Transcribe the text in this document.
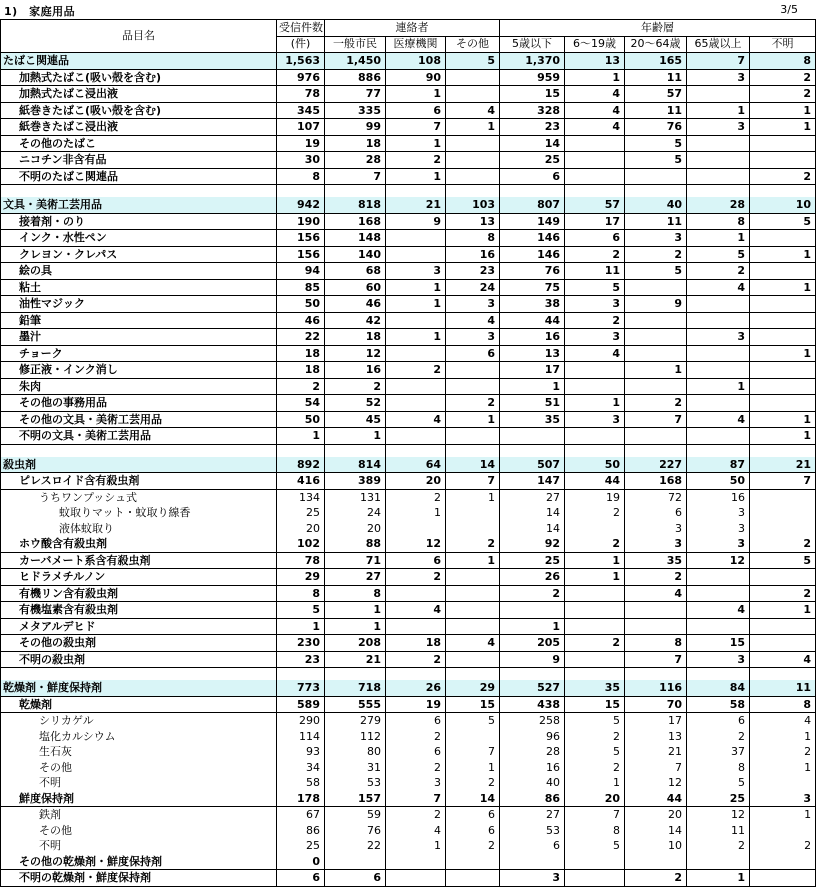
1)　家庭用品	3/5
品目名	受信件数	連絡者			年齢層				
	(件)	一般市民	医療機関	その他	5歳以下	6～19歳	20～64歳	65歳以上	不明
たばこ関連品	1,563	1,450	108	5	1,370	13	165	7	8
加熱式たばこ(吸い殻を含む)	976	886	90		959	1	11	3	2
加熱式たばこ浸出液	78	77	1		15	4	57		2
紙巻きたばこ(吸い殻を含む)	345	335	6	4	328	4	11	1	1
紙巻きたばこ浸出液	107	99	7	1	23	4	76	3	1
その他のたばこ	19	18	1		14		5		
ニコチン非含有品	30	28	2		25		5		
不明のたばこ関連品	8	7	1		6				2

文具・美術工芸用品	942	818	21	103	807	57	40	28	10
接着剤・のり	190	168	9	13	149	17	11	8	5
インク・水性ペン	156	148		8	146	6	3	1	
クレヨン・クレパス	156	140		16	146	2	2	5	1
絵の具	94	68	3	23	76	11	5	2	
粘土	85	60	1	24	75	5		4	1
油性マジック	50	46	1	3	38	3	9		
鉛筆	46	42		4	44	2			
墨汁	22	18	1	3	16	3		3	
チョーク	18	12		6	13	4			1
修正液・インク消し	18	16	2		17		1		
朱肉	2	2			1			1	
その他の事務用品	54	52		2	51	1	2		
その他の文具・美術工芸用品	50	45	4	1	35	3	7	4	1
不明の文具・美術工芸用品	1	1							1

殺虫剤	892	814	64	14	507	50	227	87	21
ピレスロイド含有殺虫剤	416	389	20	7	147	44	168	50	7
うちワンプッシュ式	134	131	2	1	27	19	72	16	
蚊取りマット・蚊取り線香	25	24	1		14	2	6	3	
液体蚊取り	20	20			14		3	3	
ホウ酸含有殺虫剤	102	88	12	2	92	2	3	3	2
カーバメート系含有殺虫剤	78	71	6	1	25	1	35	12	5
ヒドラメチルノン	29	27	2		26	1	2		
有機リン含有殺虫剤	8	8			2		4		2
有機塩素含有殺虫剤	5	1	4					4	1
メタアルデヒド	1	1			1				
その他の殺虫剤	230	208	18	4	205	2	8	15	
不明の殺虫剤	23	21	2		9		7	3	4

乾燥剤・鮮度保持剤	773	718	26	29	527	35	116	84	11
乾燥剤	589	555	19	15	438	15	70	58	8
シリカゲル	290	279	6	5	258	5	17	6	4
塩化カルシウム	114	112	2		96	2	13	2	1
生石灰	93	80	6	7	28	5	21	37	2
その他	34	31	2	1	16	2	7	8	1
不明	58	53	3	2	40	1	12	5	
鮮度保持剤	178	157	7	14	86	20	44	25	3
鉄剤	67	59	2	6	27	7	20	12	1
その他	86	76	4	6	53	8	14	11	
不明	25	22	1	2	6	5	10	2	2
その他の乾燥剤・鮮度保持剤	0								
不明の乾燥剤・鮮度保持剤	6	6			3		2	1	
